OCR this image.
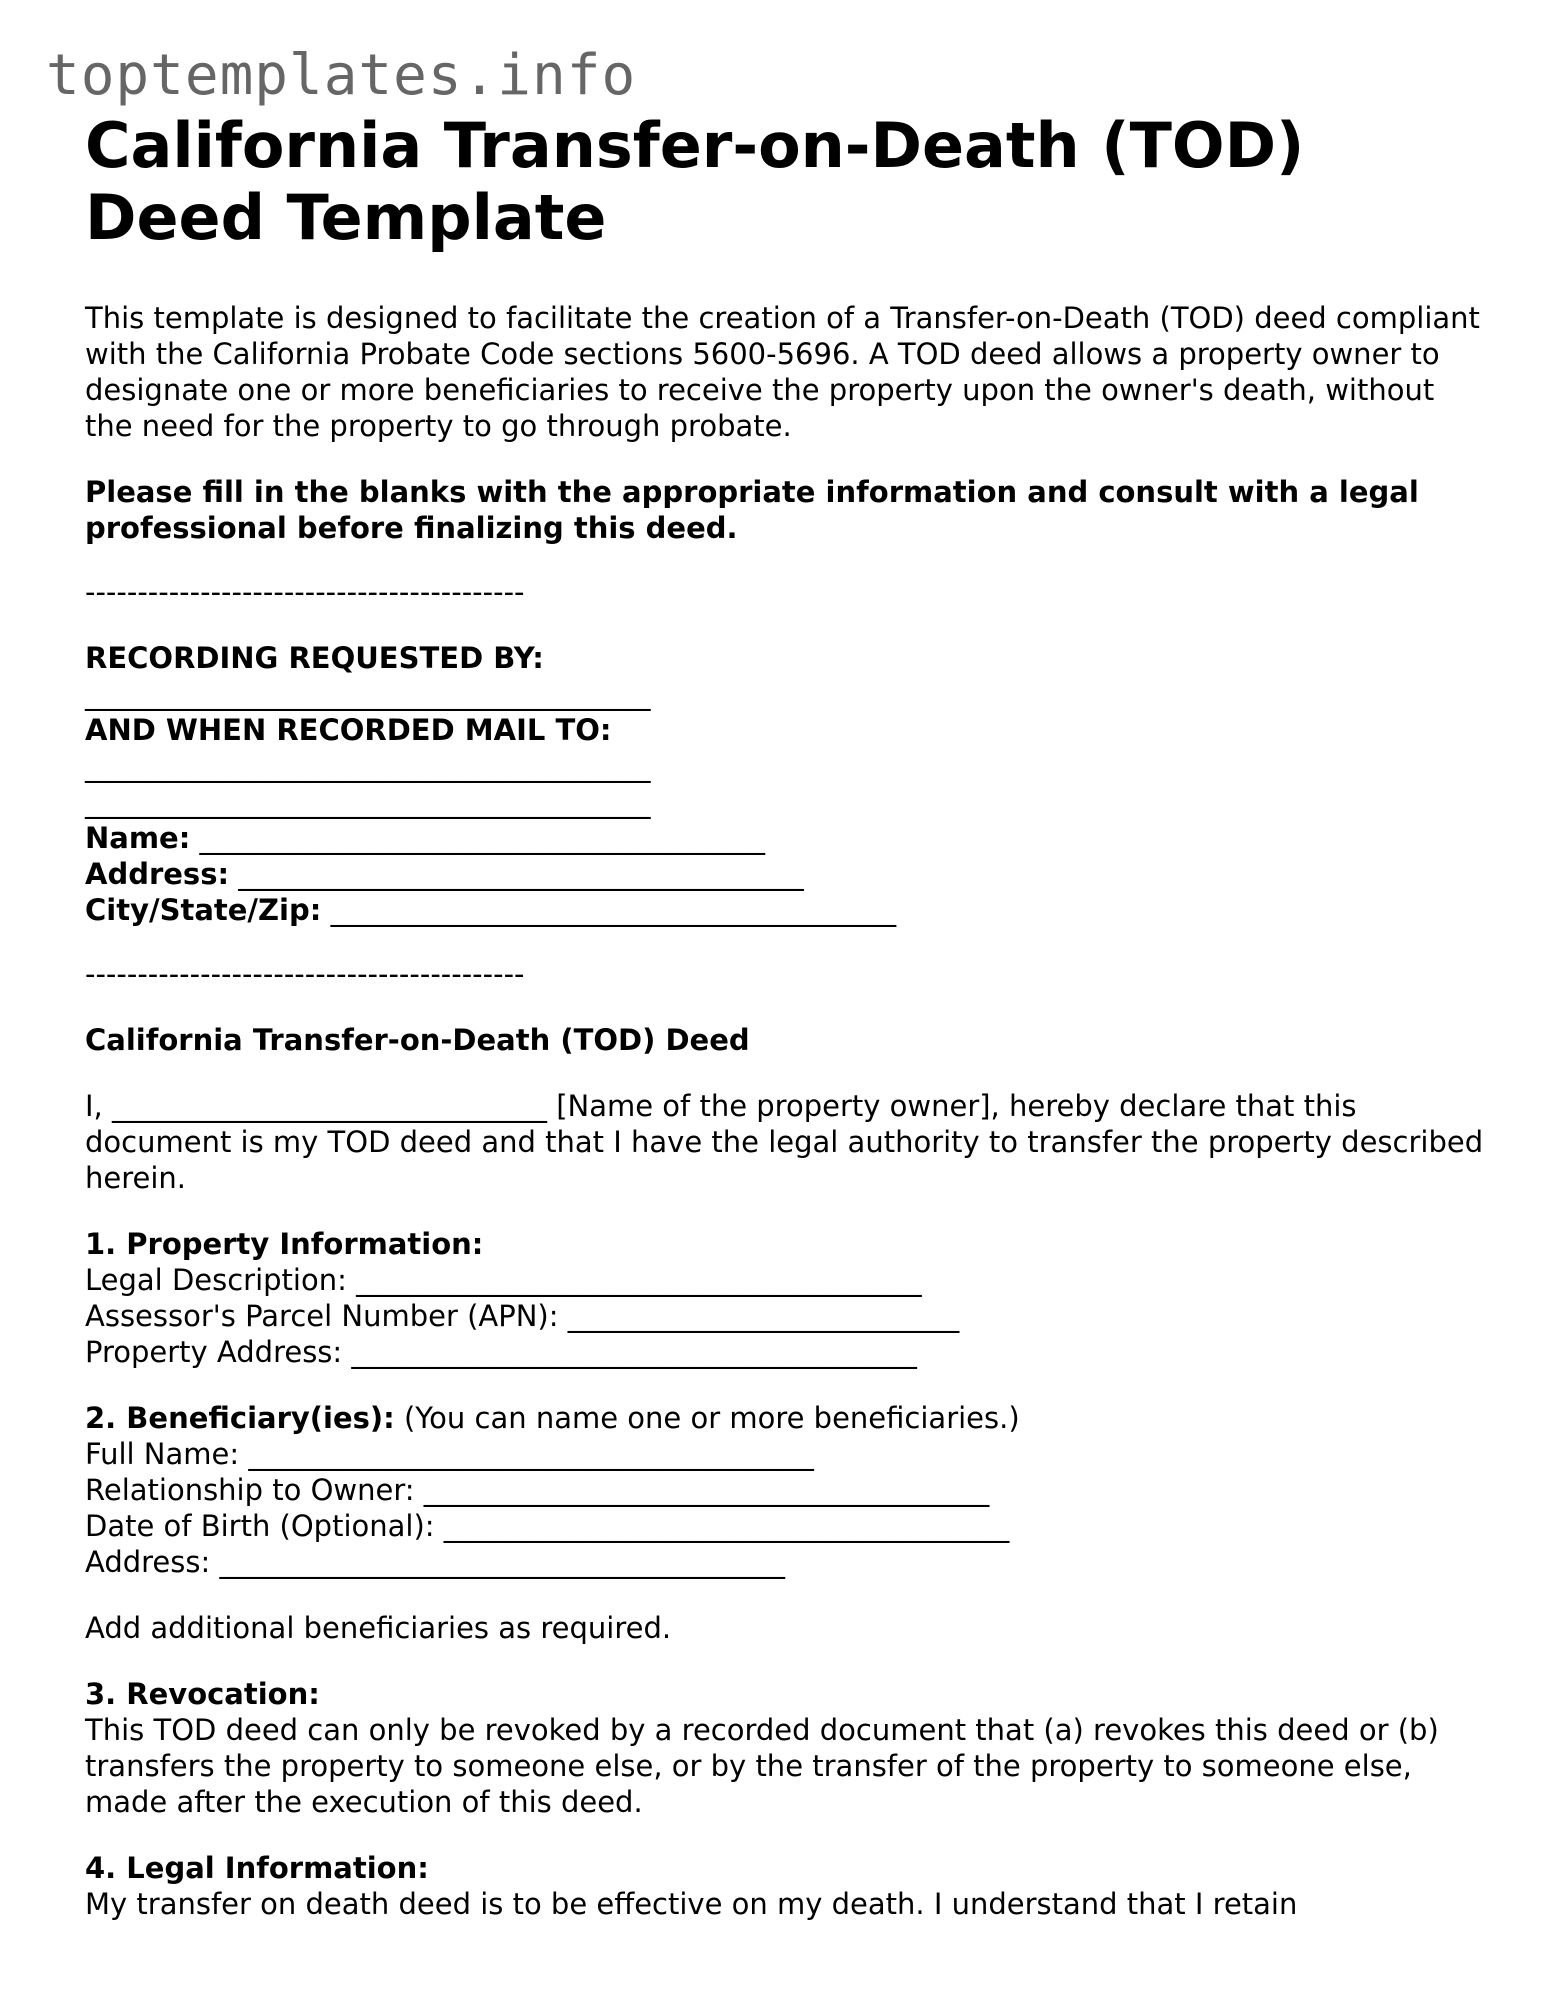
toptemplates.info
California Transfer-on-Death (TOD) Deed Template

This template is designed to facilitate the creation of a Transfer-on-Death (TOD) deed compliant with the California Probate Code sections 5600-5696. A TOD deed allows a property owner to designate one or more beneficiaries to receive the property upon the owner's death, without the need for the property to go through probate.

Please fill in the blanks with the appropriate information and consult with a legal professional before finalizing this deed.

------------------------------------------
RECORDING REQUESTED BY:
_______________________________________
AND WHEN RECORDED MAIL TO:
_______________________________________
_______________________________________
Name: _______________________________________
Address: _______________________________________
City/State/Zip: _______________________________________
------------------------------------------

California Transfer-on-Death (TOD) Deed

I, ______________________________ [Name of the property owner], hereby declare that this document is my TOD deed and that I have the legal authority to transfer the property described herein.

1. Property Information:
Legal Description: _______________________________________
Assessor's Parcel Number (APN): ___________________________
Property Address: _______________________________________
2. Beneficiary(ies): (You can name one or more beneficiaries.)
Full Name: _______________________________________
Relationship to Owner: _______________________________________
Date of Birth (Optional): _______________________________________
Address: _______________________________________

Add additional beneficiaries as required.

3. Revocation:

This TOD deed can only be revoked by a recorded document that (a) revokes this deed or (b) transfers the property to someone else, or by the transfer of the property to someone else, made after the execution of this deed.

4. Legal Information:

My transfer on death deed is to be effective on my death. I understand that I retain
